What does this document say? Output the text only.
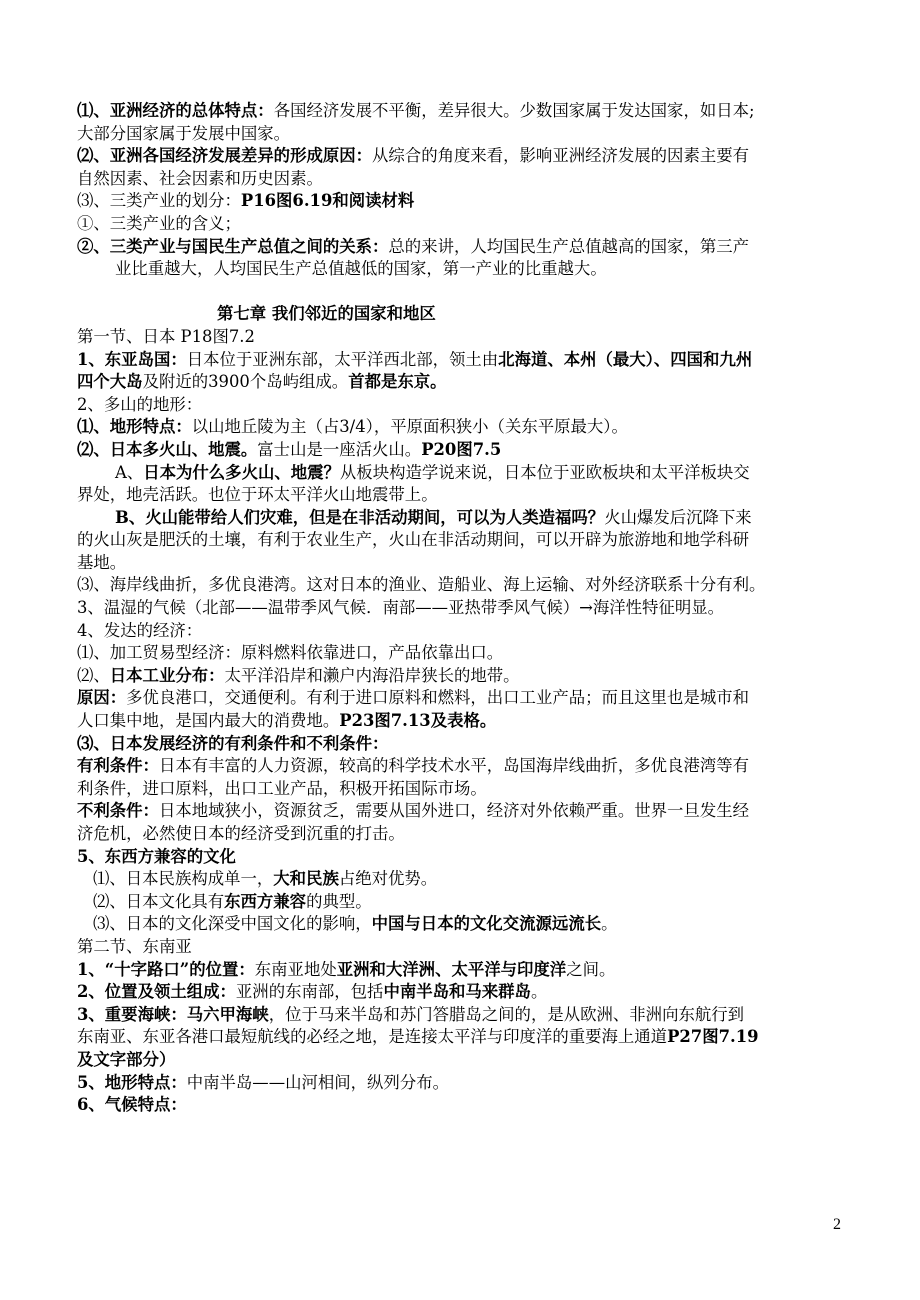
⑴、亚洲经济的总体特点：各国经济发展不平衡，差异很大。少数国家属于发达国家，如日本;
大部分国家属于发展中国家。
⑵、亚洲各国经济发展差异的形成原因：从综合的角度来看，影响亚洲经济发展的因素主要有
自然因素、社会因素和历史因素。
⑶、三类产业的划分：P16图6.19和阅读材料
①、三类产业的含义；
②、三类产业与国民生产总值之间的关系：总的来讲，人均国民生产总值越高的国家，第三产
业比重越大，人均国民生产总值越低的国家，第一产业的比重越大。
第七章 我们邻近的国家和地区
第一节、日本 P18图7.2
1、东亚岛国：日本位于亚洲东部，太平洋西北部，领土由北海道、本州（最大）、四国和九州
四个大岛及附近的3900个岛屿组成。首都是东京。
2、多山的地形：
⑴、地形特点：以山地丘陵为主（占3/4），平原面积狭小（关东平原最大）。
⑵、日本多火山、地震。富士山是一座活火山。P20图7.5
A、日本为什么多火山、地震？从板块构造学说来说，日本位于亚欧板块和太平洋板块交
界处，地壳活跃。也位于环太平洋火山地震带上。
B、火山能带给人们灾难，但是在非活动期间，可以为人类造福吗？火山爆发后沉降下来
的火山灰是肥沃的土壤，有利于农业生产，火山在非活动期间，可以开辟为旅游地和地学科研
基地。
⑶、海岸线曲折，多优良港湾。这对日本的渔业、造船业、海上运输、对外经济联系十分有利。
3、温湿的气候（北部——温带季风气候．南部——亚热带季风气候）→海洋性特征明显。
4、发达的经济：
⑴、加工贸易型经济：原料燃料依靠进口，产品依靠出口。
⑵、日本工业分布：太平洋沿岸和濑户内海沿岸狭长的地带。
原因：多优良港口，交通便利。有利于进口原料和燃料，出口工业产品；而且这里也是城市和
人口集中地，是国内最大的消费地。P23图7.13及表格。
⑶、日本发展经济的有利条件和不利条件：
有利条件：日本有丰富的人力资源，较高的科学技术水平，岛国海岸线曲折，多优良港湾等有
利条件，进口原料，出口工业产品，积极开拓国际市场。
不利条件：日本地域狭小，资源贫乏，需要从国外进口，经济对外依赖严重。世界一旦发生经
济危机，必然使日本的经济受到沉重的打击。
5、东西方兼容的文化
⑴、日本民族构成单一，大和民族占绝对优势。
⑵、日本文化具有东西方兼容的典型。
⑶、日本的文化深受中国文化的影响，中国与日本的文化交流源远流长。
第二节、东南亚
1、“十字路口”的位置：东南亚地处亚洲和大洋洲、太平洋与印度洋之间。
2、位置及领土组成：亚洲的东南部，包括中南半岛和马来群岛。
3、重要海峡：马六甲海峡，位于马来半岛和苏门答腊岛之间的，是从欧洲、非洲向东航行到
东南亚、东亚各港口最短航线的必经之地，是连接太平洋与印度洋的重要海上通道P27图7.19
及文字部分）
5、地形特点：中南半岛——山河相间，纵列分布。
6、气候特点：
2
